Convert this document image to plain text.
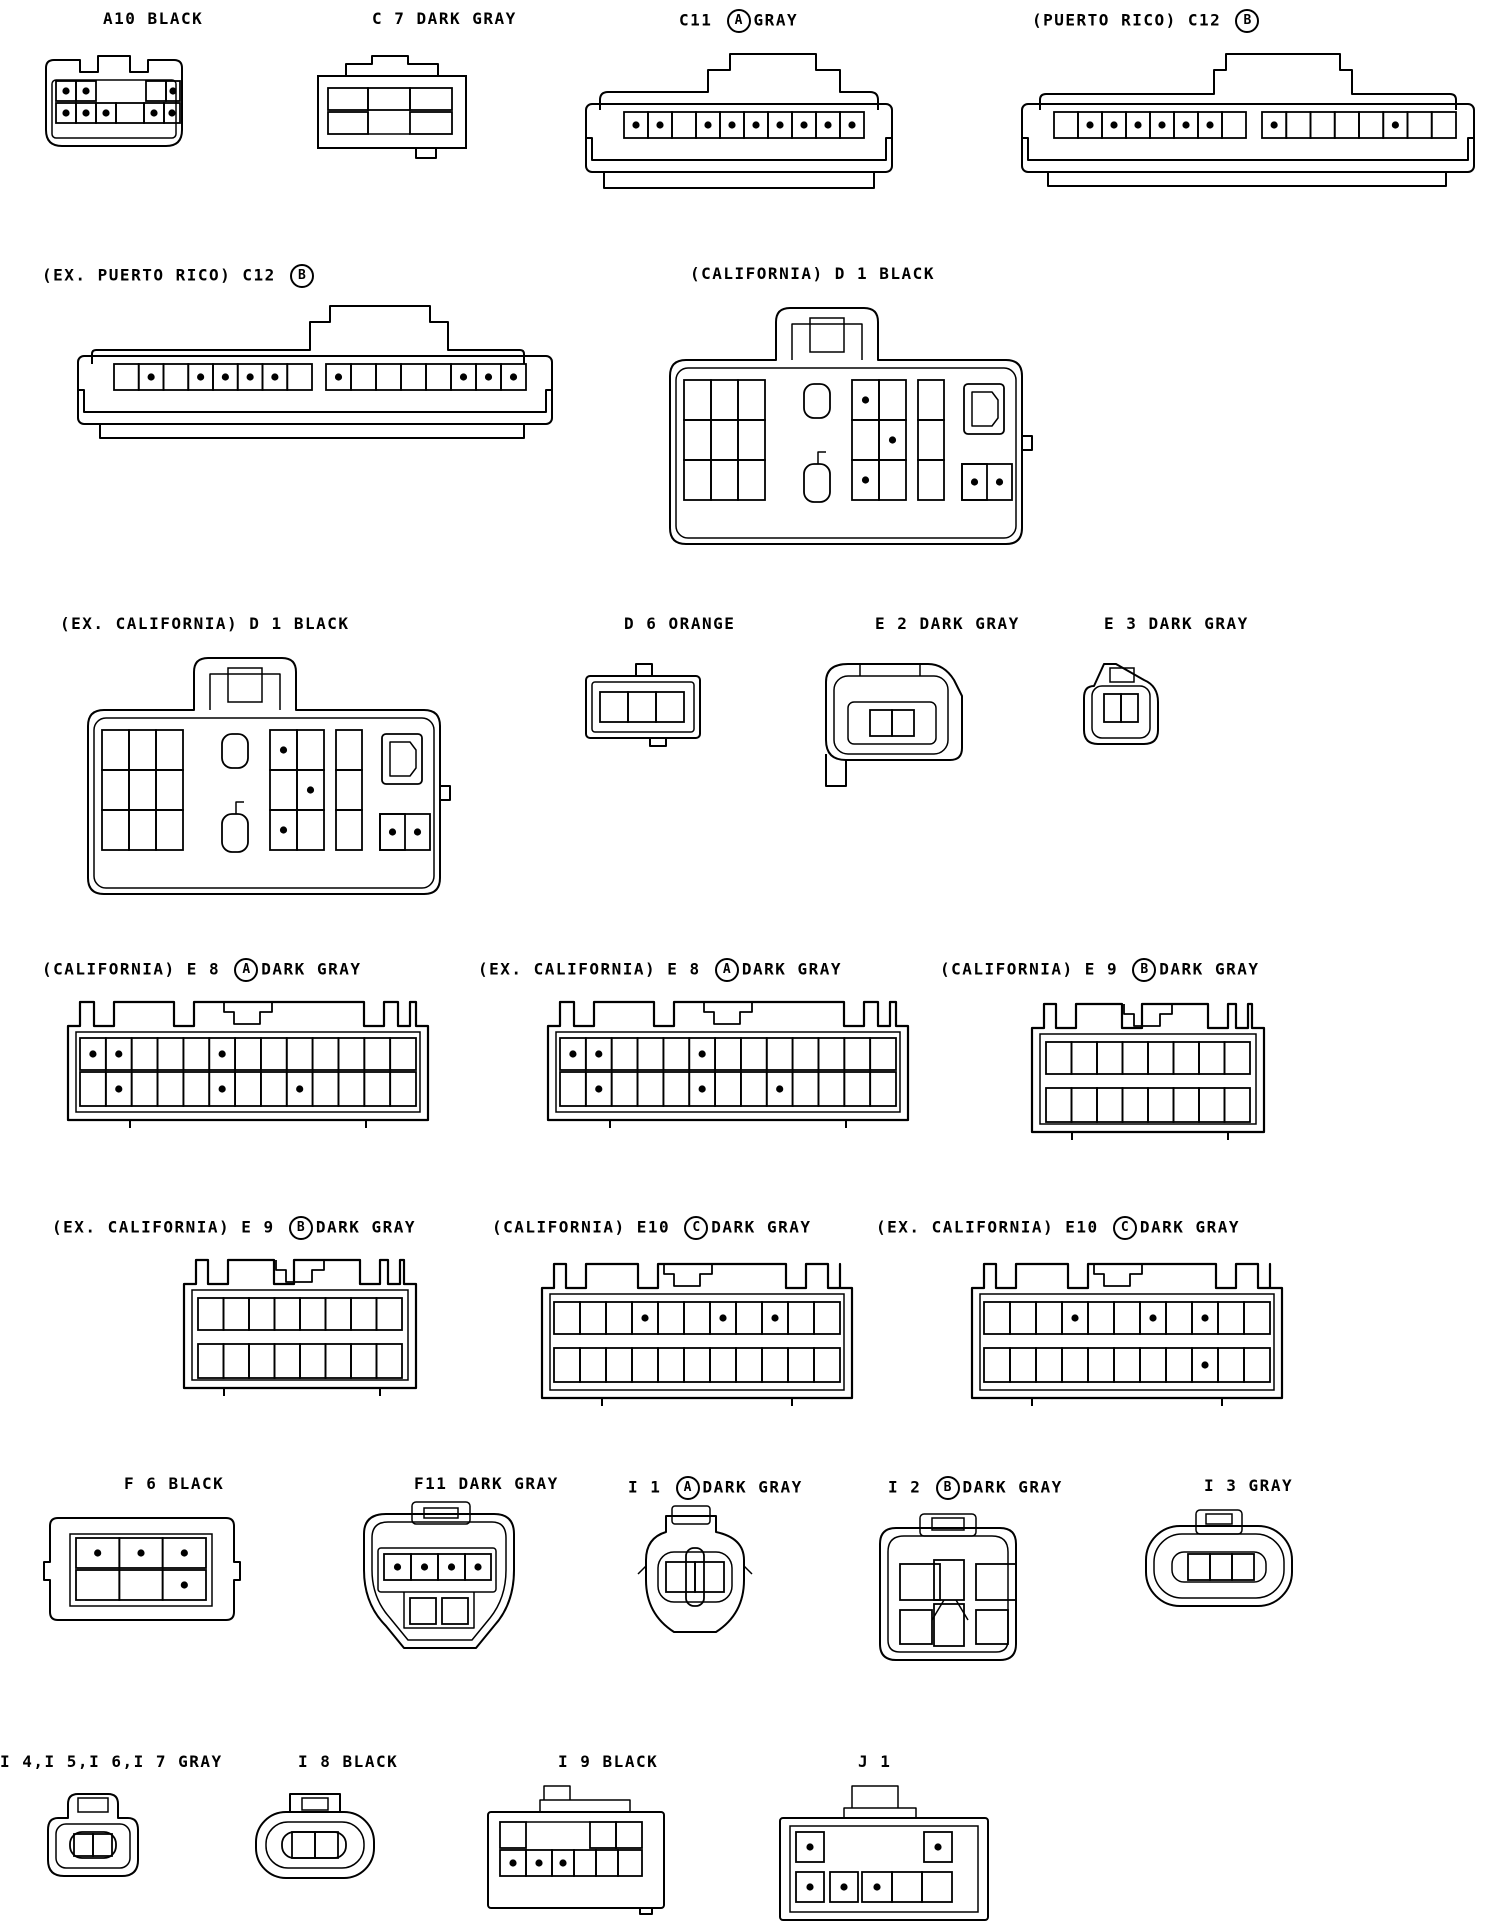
A10 BLACK	C 7 DARK GRAY	C11 A GRAY	(PUERTO RICO) C12 B
(EX. PUERTO RICO) C12 B	(CALIFORNIA) D 1 BLACK
(EX. CALIFORNIA) D 1 BLACK	D 6 ORANGE	E 2 DARK GRAY	E 3 DARK GRAY
(CALIFORNIA) E 8 A DARK GRAY	(EX. CALIFORNIA) E 8 A DARK GRAY	(CALIFORNIA) E 9 B DARK GRAY
(EX. CALIFORNIA) E 9 B DARK GRAY	(CALIFORNIA) E10 C DARK GRAY	(EX. CALIFORNIA) E10 C DARK GRAY
F 6 BLACK	F11 DARK GRAY	I 1 A DARK GRAY	I 2 B DARK GRAY	I 3 GRAY
I 4,I 5,I 6,I 7 GRAY	I 8 BLACK	I 9 BLACK	J 1
